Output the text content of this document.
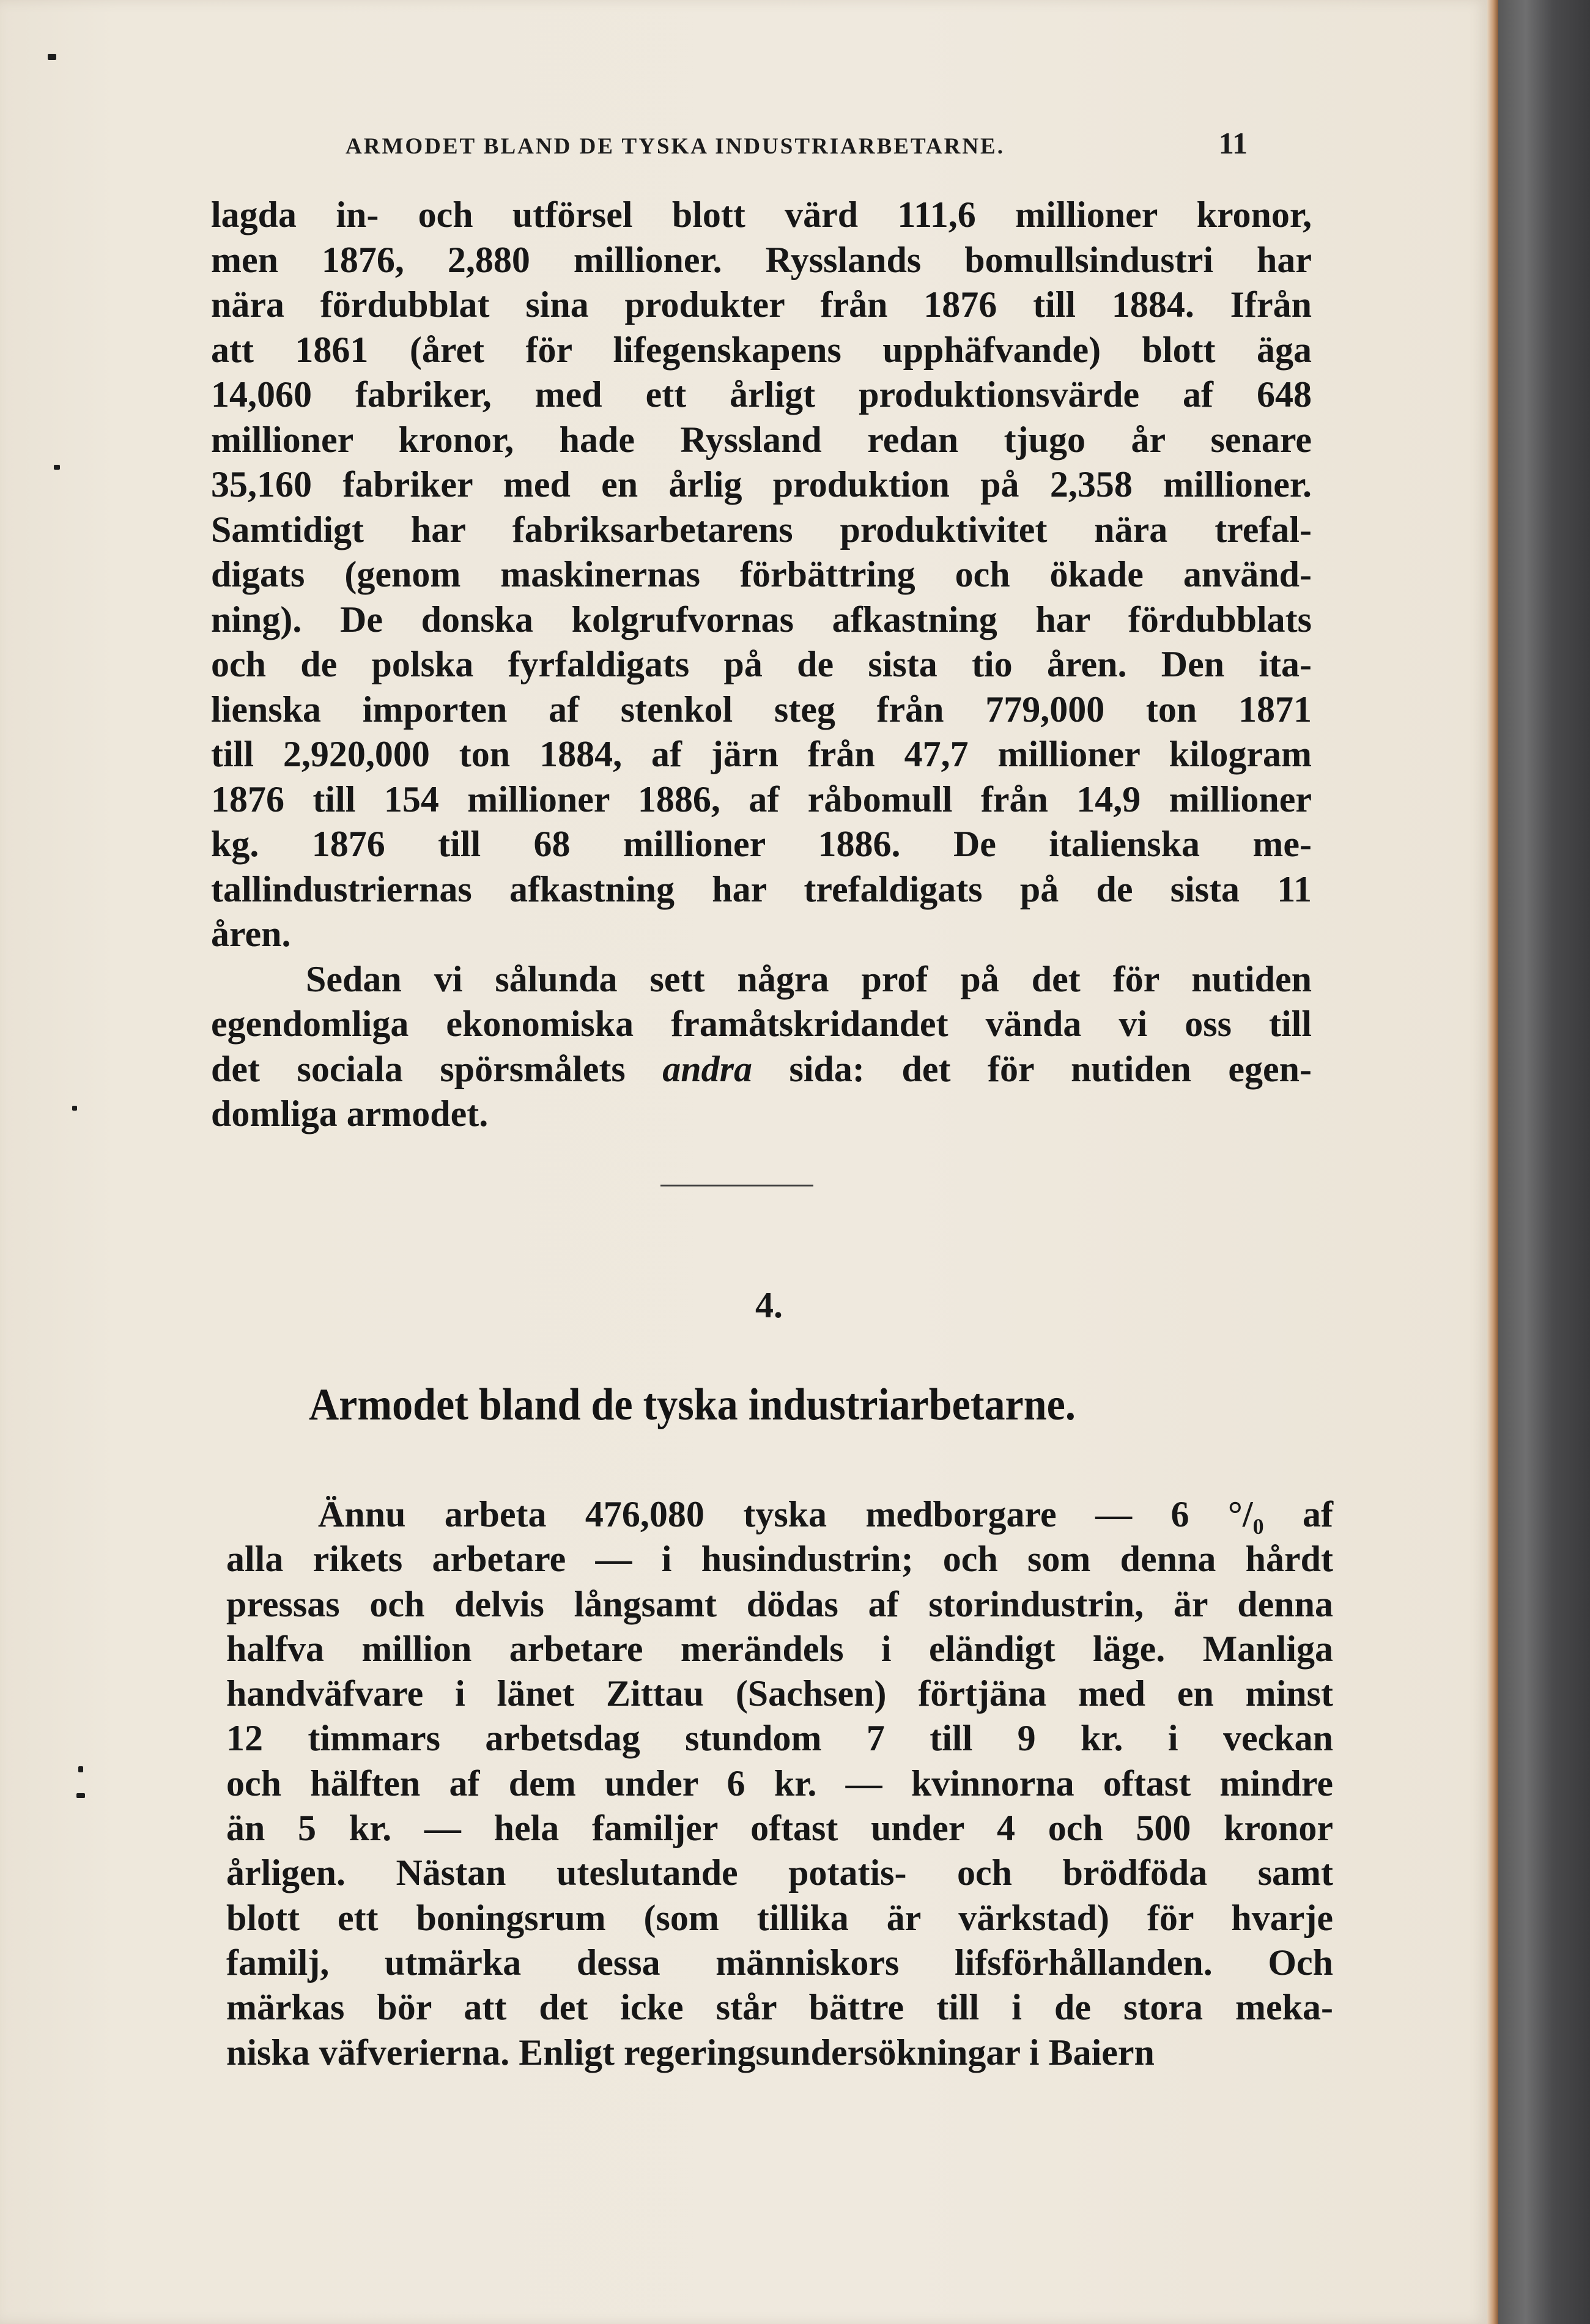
ARMODET BLAND DE TYSKA INDUSTRIARBETARNE.	11
lagda in- och utförsel blott värd 111,6 millioner kronor,
men 1876, 2,880 millioner. Rysslands bomullsindustri har
nära fördubblat sina produkter från 1876 till 1884. Ifrån
att 1861 (året för lifegenskapens upphäfvande) blott äga
14,060 fabriker, med ett årligt produktionsvärde af 648
millioner kronor, hade Ryssland redan tjugo år senare
35,160 fabriker med en årlig produktion på 2,358 millioner.
Samtidigt har fabriksarbetarens produktivitet nära trefal-
digats (genom maskinernas förbättring och ökade använd-
ning). De donska kolgrufvornas afkastning har fördubblats
och de polska fyrfaldigats på de sista tio åren. Den ita-
lienska importen af stenkol steg från 779,000 ton 1871
till 2,920,000 ton 1884, af järn från 47,7 millioner kilogram
1876 till 154 millioner 1886, af råbomull från 14,9 millioner
kg. 1876 till 68 millioner 1886. De italienska me-
tallindustriernas afkastning har trefaldigats på de sista 11
åren.
Sedan vi sålunda sett några prof på det för nutiden
egendomliga ekonomiska framåtskridandet vända vi oss till
det sociala spörsmålets andra sida: det för nutiden egen-
domliga armodet.
4.
Armodet bland de tyska industriarbetarne.
Ännu arbeta 476,080 tyska medborgare — 6 °/₀ af
alla rikets arbetare — i husindustrin; och som denna hårdt
pressas och delvis långsamt dödas af storindustrin, är denna
halfva million arbetare merändels i eländigt läge. Manliga
handväfvare i länet Zittau (Sachsen) förtjäna med en minst
12 timmars arbetsdag stundom 7 till 9 kr. i veckan
och hälften af dem under 6 kr. — kvinnorna oftast mindre
än 5 kr. — hela familjer oftast under 4 och 500 kronor
årligen. Nästan uteslutande potatis- och brödföda samt
blott ett boningsrum (som tillika är värkstad) för hvarje
familj, utmärka dessa människors lifsförhållanden. Och
märkas bör att det icke står bättre till i de stora meka-
niska väfverierna. Enligt regeringsundersökningar i Baiern
